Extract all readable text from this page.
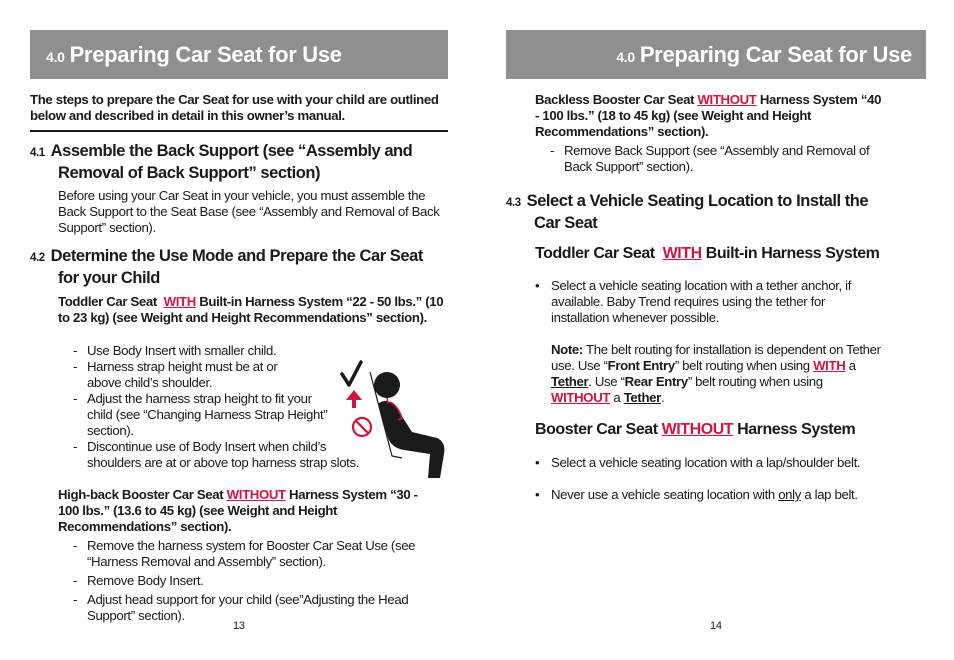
4.0 Preparing Car Seat for Use
The steps to prepare the Car Seat for use with your child are outlined below and described in detail in this owner’s manual.
4.1 Assemble the Back Support (see “Assembly and
Removal of Back Support” section)
Before using your Car Seat in your vehicle, you must assemble the Back Support to the Seat Base (see “Assembly and Removal of Back Support” section).
4.2 Determine the Use Mode and Prepare the Car Seat
for your Child
Toddler Car Seat WITH Built-in Harness System “22 - 50 lbs.” (10 to 23 kg) (see Weight and Height Recommendations” section).
- Use Body Insert with smaller child.
- Harness strap height must be at or above child’s shoulder.
- Adjust the harness strap height to fit your child (see “Changing Harness Strap Height” section).
- Discontinue use of Body Insert when child’s shoulders are at or above top harness strap slots.
High-back Booster Car Seat WITHOUT Harness System “30 - 100 lbs.” (13.6 to 45 kg) (see Weight and Height Recommendations” section).
- Remove the harness system for Booster Car Seat Use (see “Harness Removal and Assembly” section).
- Remove Body Insert.
- Adjust head support for your child (see”Adjusting the Head Support” section).
13
4.0 Preparing Car Seat for Use
Backless Booster Car Seat WITHOUT Harness System “40 - 100 lbs.” (18 to 45 kg) (see Weight and Height Recommendations” section).
- Remove Back Support (see “Assembly and Removal of Back Support” section).
4.3 Select a Vehicle Seating Location to Install the
Car Seat
Toddler Car Seat WITH Built-in Harness System
• Select a vehicle seating location with a tether anchor, if available. Baby Trend requires using the tether for installation whenever possible.
Note: The belt routing for installation is dependent on Tether use. Use “Front Entry” belt routing when using WITH a Tether. Use “Rear Entry” belt routing when using WITHOUT a Tether.
Booster Car Seat WITHOUT Harness System
• Select a vehicle seating location with a lap/shoulder belt.
• Never use a vehicle seating location with only a lap belt.
14
